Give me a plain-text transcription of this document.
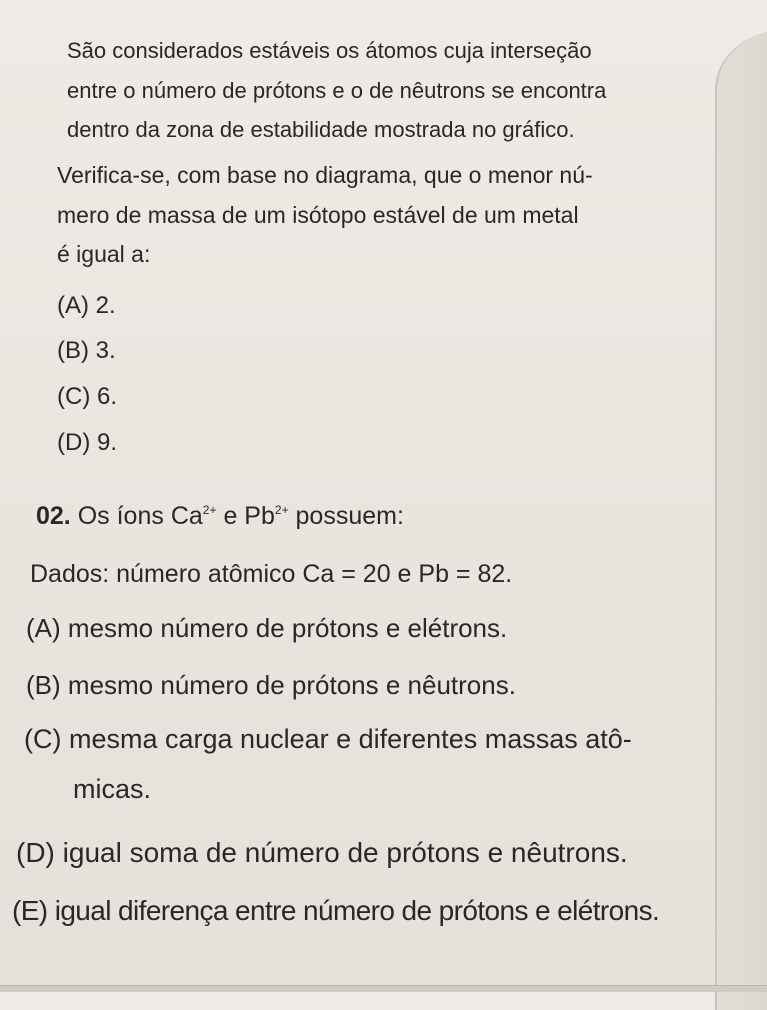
São considerados estáveis os átomos cuja interseção
entre o número de prótons e o de nêutrons se encontra
dentro da zona de estabilidade mostrada no gráfico.
Verifica-se, com base no diagrama, que o menor nú-
mero de massa de um isótopo estável de um metal
é igual a:
(A) 2.
(B) 3.
(C) 6.
(D) 9.
02. Os íons $Ca^{2+}$ e $Pb^{2+}$ possuem:
Dados: número atômico Ca = 20 e Pb = 82.
(A) mesmo número de prótons e elétrons.
(B) mesmo número de prótons e nêutrons.
(C) mesma carga nuclear e diferentes massas atô-
micas.
(D) igual soma de número de prótons e nêutrons.
(E) igual diferença entre número de prótons e elétrons.
